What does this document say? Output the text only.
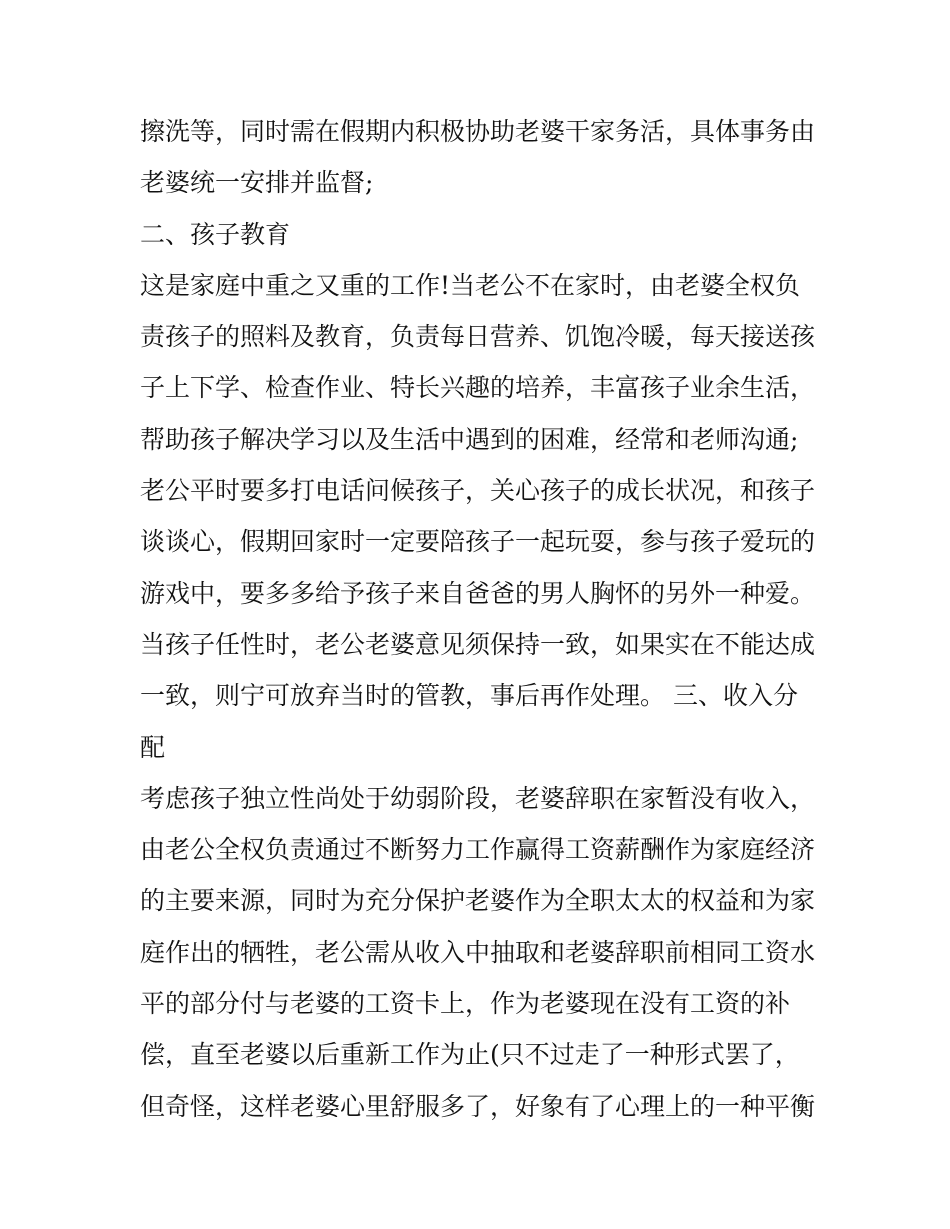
擦洗等，同时需在假期内积极协助老婆干家务活，具体事务由

老婆统一安排并监督;

二、孩子教育

这是家庭中重之又重的工作!当老公不在家时，由老婆全权负

责孩子的照料及教育，负责每日营养、饥饱冷暖，每天接送孩

子上下学、检查作业、特长兴趣的培养，丰富孩子业余生活，

帮助孩子解决学习以及生活中遇到的困难，经常和老师沟通;

老公平时要多打电话问候孩子，关心孩子的成长状况，和孩子

谈谈心，假期回家时一定要陪孩子一起玩耍，参与孩子爱玩的

游戏中，要多多给予孩子来自爸爸的男人胸怀的另外一种爱。

当孩子任性时，老公老婆意见须保持一致，如果实在不能达成

一致，则宁可放弃当时的管教，事后再作处理。 三、收入分

配

考虑孩子独立性尚处于幼弱阶段，老婆辞职在家暂没有收入，

由老公全权负责通过不断努力工作赢得工资薪酬作为家庭经济

的主要来源，同时为充分保护老婆作为全职太太的权益和为家

庭作出的牺牲，老公需从收入中抽取和老婆辞职前相同工资水

平的部分付与老婆的工资卡上，作为老婆现在没有工资的补

偿，直至老婆以后重新工作为止(只不过走了一种形式罢了，

但奇怪，这样老婆心里舒服多了，好象有了心理上的一种平衡
